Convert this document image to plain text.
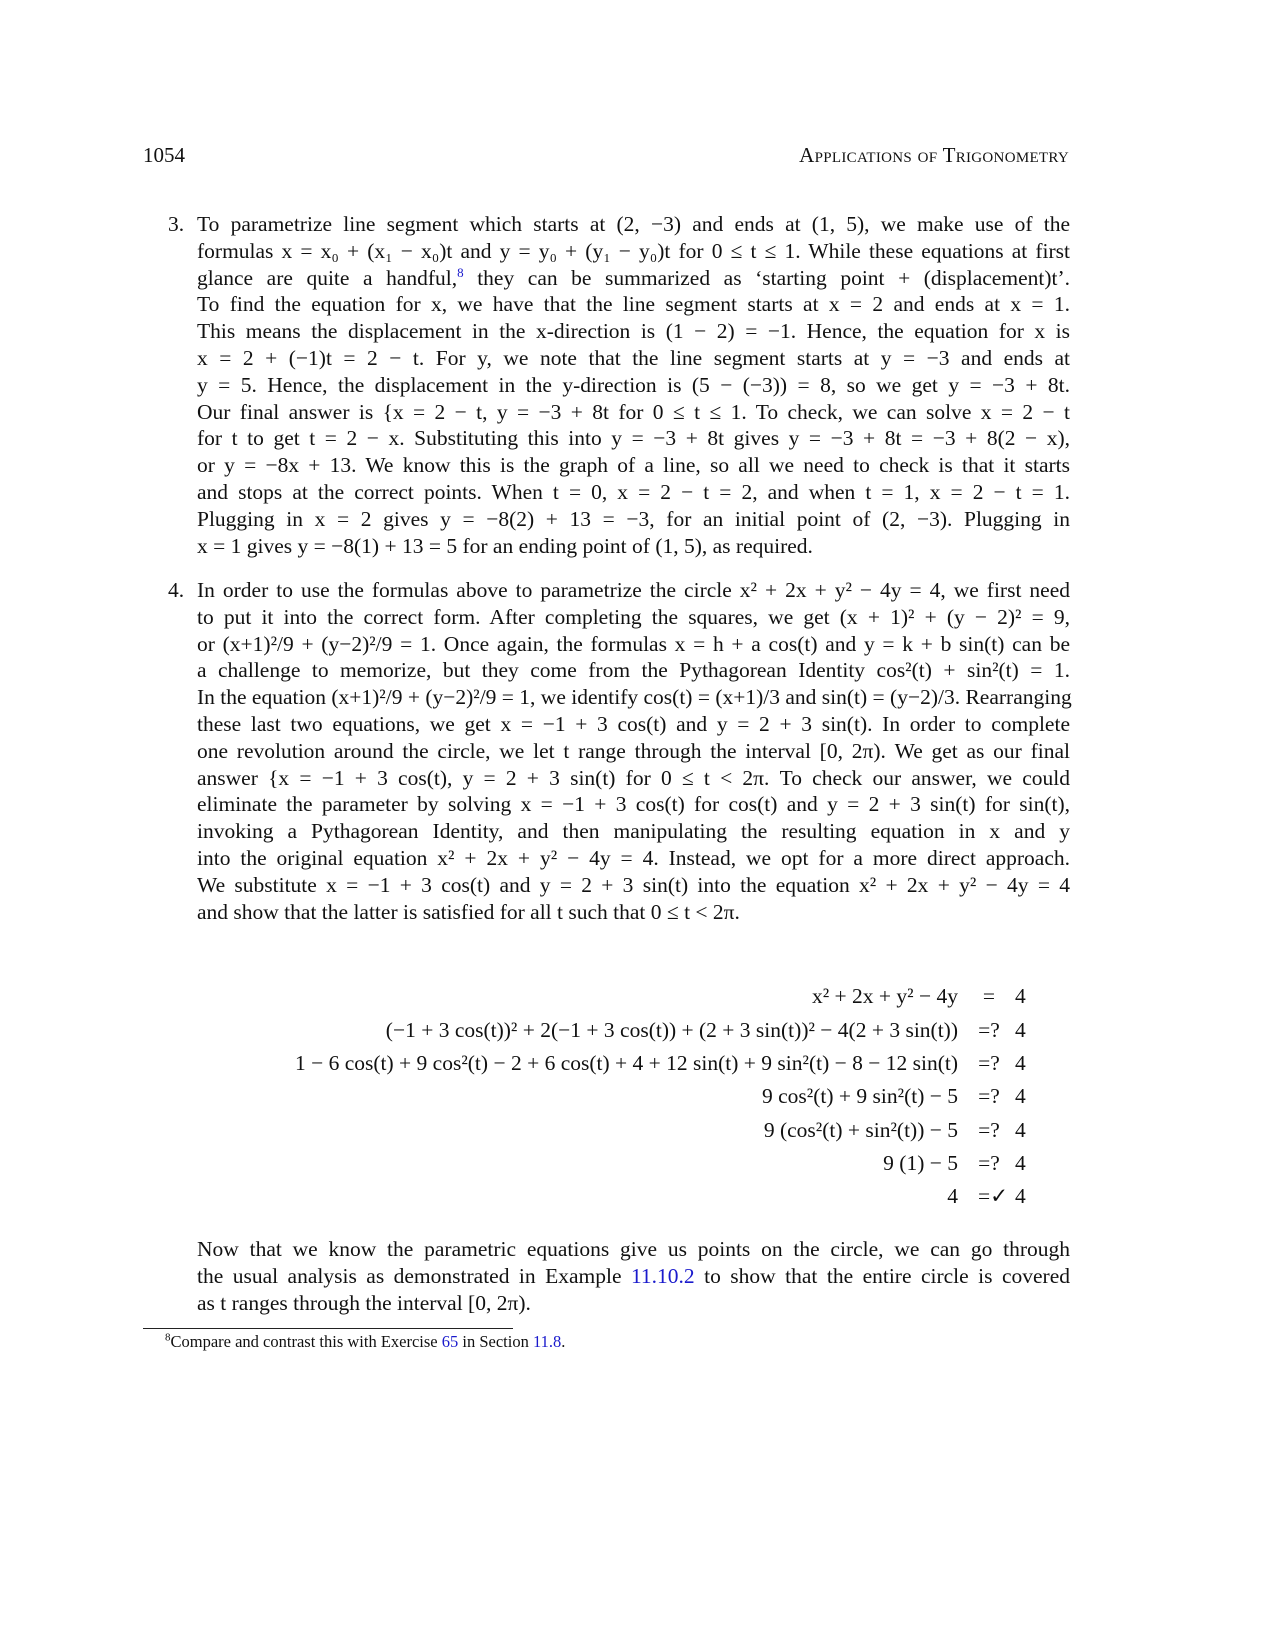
1054	Applications of Trigonometry
3. To parametrize line segment which starts at (2, −3) and ends at (1, 5), we make use of the
formulas x = x₀ + (x₁ − x₀)t and y = y₀ + (y₁ − y₀)t for 0 ≤ t ≤ 1. While these equations at first
glance are quite a handful,$^8$ they can be summarized as ‘starting point + (displacement)t’.
To find the equation for x, we have that the line segment starts at x = 2 and ends at x = 1.
This means the displacement in the x-direction is (1 − 2) = −1. Hence, the equation for x is
x = 2 + (−1)t = 2 − t. For y, we note that the line segment starts at y = −3 and ends at
y = 5. Hence, the displacement in the y-direction is (5 − (−3)) = 8, so we get y = −3 + 8t.
Our final answer is {x = 2 − t, y = −3 + 8t for 0 ≤ t ≤ 1. To check, we can solve x = 2 − t
for t to get t = 2 − x. Substituting this into y = −3 + 8t gives y = −3 + 8t = −3 + 8(2 − x),
or y = −8x + 13. We know this is the graph of a line, so all we need to check is that it starts
and stops at the correct points. When t = 0, x = 2 − t = 2, and when t = 1, x = 2 − t = 1.
Plugging in x = 2 gives y = −8(2) + 13 = −3, for an initial point of (2, −3). Plugging in
x = 1 gives y = −8(1) + 13 = 5 for an ending point of (1, 5), as required.
4. In order to use the formulas above to parametrize the circle x² + 2x + y² − 4y = 4, we first need
to put it into the correct form. After completing the squares, we get (x + 1)² + (y − 2)² = 9,
or (x+1)²/9 + (y−2)²/9 = 1. Once again, the formulas x = h + a cos(t) and y = k + b sin(t) can be
a challenge to memorize, but they come from the Pythagorean Identity cos²(t) + sin²(t) = 1.
In the equation (x+1)²/9 + (y−2)²/9 = 1, we identify cos(t) = (x+1)/3 and sin(t) = (y−2)/3. Rearranging
these last two equations, we get x = −1 + 3 cos(t) and y = 2 + 3 sin(t). In order to complete
one revolution around the circle, we let t range through the interval [0, 2π). We get as our final
answer {x = −1 + 3 cos(t), y = 2 + 3 sin(t) for 0 ≤ t < 2π. To check our answer, we could
eliminate the parameter by solving x = −1 + 3 cos(t) for cos(t) and y = 2 + 3 sin(t) for sin(t),
invoking a Pythagorean Identity, and then manipulating the resulting equation in x and y
into the original equation x² + 2x + y² − 4y = 4. Instead, we opt for a more direct approach.
We substitute x = −1 + 3 cos(t) and y = 2 + 3 sin(t) into the equation x² + 2x + y² − 4y = 4
and show that the latter is satisfied for all t such that 0 ≤ t < 2π.
x² + 2x + y² − 4y = 4
(−1 + 3 cos(t))² + 2(−1 + 3 cos(t)) + (2 + 3 sin(t))² − 4(2 + 3 sin(t)) =? 4
1 − 6 cos(t) + 9 cos²(t) − 2 + 6 cos(t) + 4 + 12 sin(t) + 9 sin²(t) − 8 − 12 sin(t) =? 4
9 cos²(t) + 9 sin²(t) − 5 =? 4
9 (cos²(t) + sin²(t)) − 5 =? 4
9 (1) − 5 =? 4
4 =✓ 4
Now that we know the parametric equations give us points on the circle, we can go through
the usual analysis as demonstrated in Example 11.10.2 to show that the entire circle is covered
as t ranges through the interval [0, 2π).
$^8$Compare and contrast this with Exercise 65 in Section 11.8.
